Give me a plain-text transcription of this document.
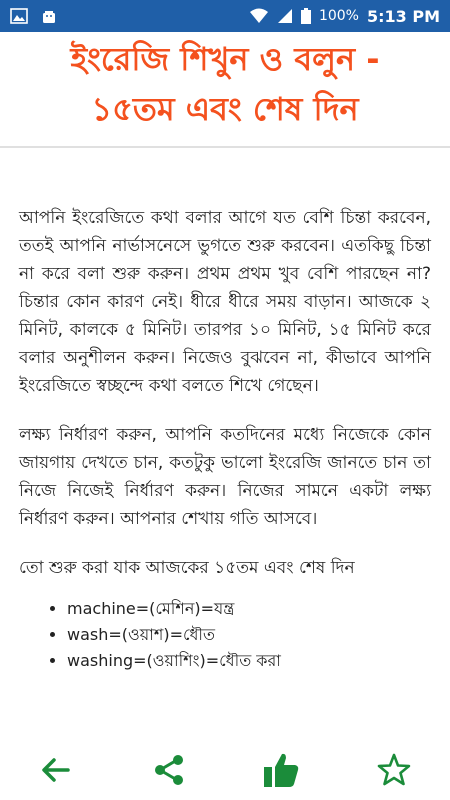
100% 5:13 PM
ইংরেজি শিখুন ও বলুন -
১৫তম এবং শেষ দিন

আপনি ইংরেজিতে কথা বলার আগে যত বেশি চিন্তা করবেন, ততই আপনি নার্ভাসনেসে ভুগতে শুরু করবেন। এতকিছু চিন্তা না করে বলা শুরু করুন। প্রথম প্রথম খুব বেশি পারছেন না? চিন্তার কোন কারণ নেই। ধীরে ধীরে সময় বাড়ান। আজকে ২ মিনিট, কালকে ৫ মিনিট। তারপর ১০ মিনিট, ১৫ মিনিট করে বলার অনুশীলন করুন। নিজেও বুঝবেন না, কীভাবে আপনি ইংরেজিতে স্বচ্ছন্দে কথা বলতে শিখে গেছেন।

লক্ষ্য নির্ধারণ করুন, আপনি কতদিনের মধ্যে নিজেকে কোন জায়গায় দেখতে চান, কতটুকু ভালো ইংরেজি জানতে চান তা নিজে নিজেই নির্ধারণ করুন। নিজের সামনে একটা লক্ষ্য নির্ধারণ করুন। আপনার শেখায় গতি আসবে।

তো শুরু করা যাক আজকের ১৫তম এবং শেষ দিন

• machine=(মেশিন)=যন্ত্র
• wash=(ওয়াশ)=ধৌত
• washing=(ওয়াশিং)=ধৌত করা
